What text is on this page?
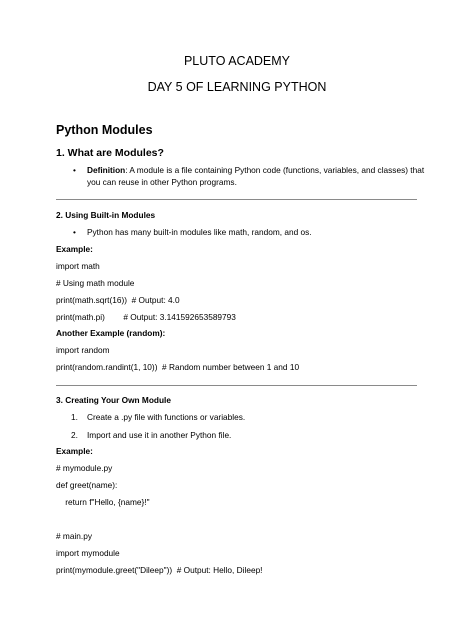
PLUTO ACADEMY
DAY 5 OF LEARNING PYTHON
Python Modules
1. What are Modules?
• Definition: A module is a file containing Python code (functions, variables, and classes) that
you can reuse in other Python programs.
2. Using Built-in Modules
• Python has many built-in modules like math, random, and os.
Example:
import math
# Using math module
print(math.sqrt(16))  # Output: 4.0
print(math.pi)        # Output: 3.141592653589793
Another Example (random):
import random
print(random.randint(1, 10))  # Random number between 1 and 10
3. Creating Your Own Module
1. Create a .py file with functions or variables.
2. Import and use it in another Python file.
Example:
# mymodule.py
def greet(name):
return f"Hello, {name}!"
# main.py
import mymodule
print(mymodule.greet("Dileep"))  # Output: Hello, Dileep!
